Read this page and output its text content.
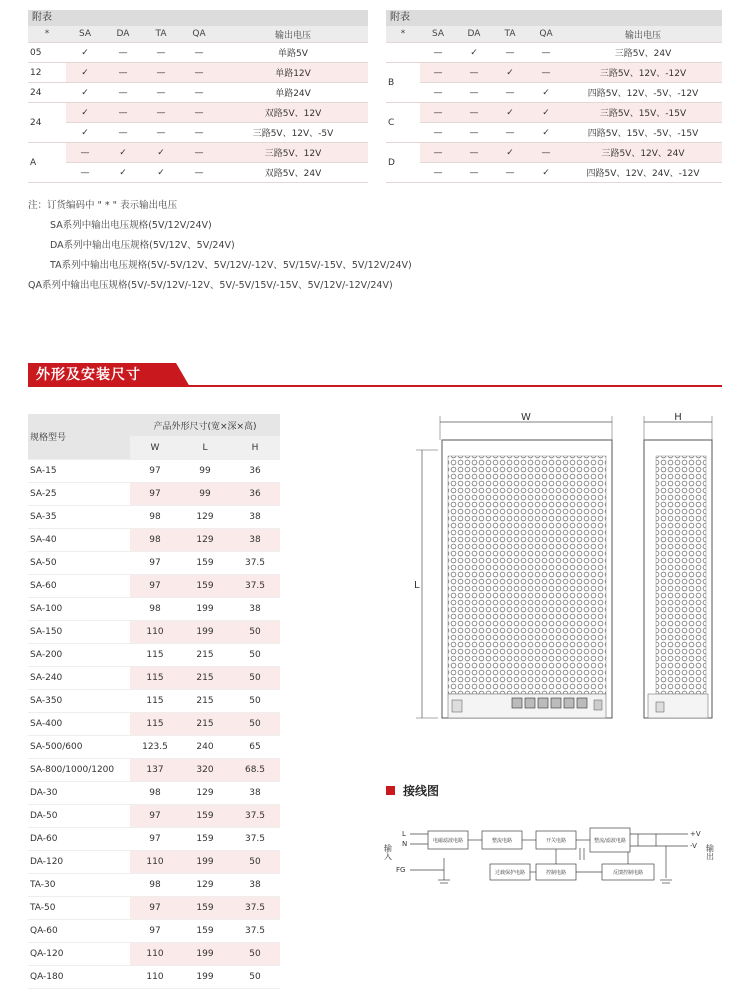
附表
*	SA	DA	TA	QA	输出电压
05	✓	—	—	—	单路5V
12	✓	—	—	—	单路12V
24	✓	—	—	—	单路24V
24	✓	—	—	—	双路5V、12V
	✓	—	—	—	三路5V、12V、-5V
A	—	✓	✓	—	三路5V、12V
	—	✓	✓	—	双路5V、24V
附表
*	SA	DA	TA	QA	输出电压
	—	✓	—	—	三路5V、24V
B	—	—	✓	—	三路5V、12V、-12V
	—	—	—	✓	四路5V、12V、-5V、-12V
C	—	—	✓	✓	三路5V、15V、-15V
	—	—	—	✓	四路5V、15V、-5V、-15V
D	—	—	✓	—	三路5V、12V、24V
	—	—	—	✓	四路5V、12V、24V、-12V
注：订货编码中 " * " 表示输出电压
SA系列中输出电压规格(5V/12V/24V)
DA系列中输出电压规格(5V/12V、5V/24V)
TA系列中输出电压规格(5V/-5V/12V、5V/12V/-12V、5V/15V/-15V、5V/12V/24V)
QA系列中输出电压规格(5V/-5V/12V/-12V、5V/-5V/15V/-15V、5V/12V/-12V/24V)
外形及安装尺寸
规格型号	产品外形尺寸(宽×深×高)		
	W	L	H
SA-15	97	99	36
SA-25	97	99	36
SA-35	98	129	38
SA-40	98	129	38
SA-50	97	159	37.5
SA-60	97	159	37.5
SA-100	98	199	38
SA-150	110	199	50
SA-200	115	215	50
SA-240	115	215	50
SA-350	115	215	50
SA-400	115	215	50
SA-500/600	123.5	240	65
SA-800/1000/1200	137	320	68.5
DA-30	98	129	38
DA-50	97	159	37.5
DA-60	97	159	37.5
DA-120	110	199	50
TA-30	98	129	38
TA-50	97	159	37.5
QA-60	97	159	37.5
QA-120	110	199	50
QA-180	110	199	50
W
L
H
接线图
电磁滤波电路	整流电路	开关电路	整流/滤波电路
过载保护电路	控制电路	反馈控制电路
L
N
FG
+V
-V
输入	输出
